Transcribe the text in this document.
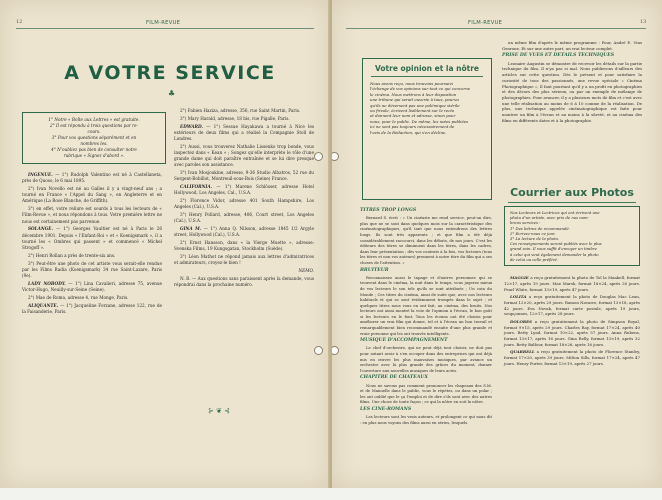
12	FILM-REVUE
A VOTRE SERVICE
♣
1° Notre « Boîte aux Lettres » est gratuite.
2° Il est répondu à trois questions par re-
cours.
3° Pour vos questions séparément et en
nombres les.
4° N'oubliez pas bien de consulter notre
rubrique « Signez d'abord ».

INGENUE. — 1°) Rudolph Valentino est né à Castellaneta, près de Quoso, le 6 mai 1895.

2°) Ivan Novello est né au Galles il y a vingt-neuf ans ; a tourné en France « l'Appel du Sang », en Angleterre et en Amérique (La Rose Blanche, de Griffith).

3°) en effet, votre reliure est sourds à tous les lecteurs de « Film-Revue », et nous répondons à tous. Votre première lettre ne nous est certainement pas parvenue.

SOLANGE. — 1°) Georges Vaultier est né à Paris le 26 décembre 1901. Depuis « l'Enfant-Roi » et « Koenigsmark », il a tourné les « Ombres qui passent » et commencé « Michel Strogoff ».

2°) Henri Rollan a près de trente-six ans.

3°) Peut-être une photo de cet artiste vous serait-elle rendue par les Films Radia (Koenigsmark) 34 rue Saint-Lazare, Paris (9e).

LADY NOBODY. — 1°) Lina Cavalieri, adresse 75, avenue Victor-Hugo, Neuilly-sur-Seine (Seine).

2°) Mae de Roma, adresse 4, rue Monge, Paris.

ALIQUANTE. — 1°) Jacqueline Forzane, adresse 122, rue de la Faisanderie, Paris.

2°) Fabien Haziza, adresse, 356, rue Saint Martin, Paris.

3°) Mary Harald, adresse, 18 bis, rue Pigalle, Paris.

EDWARD. — 1°) Sessue Hayakawa a tourné à Nice les extérieurs de deux films qui a réalisé la Compagnie Stoll de Londres.

2°) Aussi, vous trouverez Nathalie Lissenko trop bonde, vous inspectez dans « Kean » ; Songez qu'elle interprète le rôle d'une grande dame qui doit paraître entraînée et se lui dire presque avec paroles son assistance.

3°) Ivan Mosjoukine, adresse, 9-36 Studio Albatros, 52 rue du Sergent-Bobillot, Montreuil-sous-Bois (Seine) France.

CALIFORNIA. — 1°) Marene Schlösser, adresse Hotel Hollywood, Los Angeles, Cal., U.S.A.

2°) Florence Vidor, adresse 401 South Hampshire, Los Angeles (Cal.), U.S.A.

3°) Henry Pollard, adresse, 406, Court street, Los Angeles (Cal.), U.S.A.

GINA M. — 1°) Anna Q. Nilsson, adresse 1845 1/2 Argyle street, Hollywood (Cal.), U.S.A.

2°) Ernst Hansson, dans « la Vierge Muette », adresse: Svenska Films, 19 Kungsgatan, Stockholm (Suède).

3°) Léon Mathot ne répond jamais aux lettres d'admiratrices et admirateurs, croyez-le bien !

NEMO.

N. B. — Aux questions sans paraissent après la demande, vous répondrai dans la prochaine numéro.

⊱ ❦ ⊰
13
FILM-REVUE
Votre opinion et la nôtre
Nous avons reçu, nous trouvons poursuivi
l'échange de vos opinions sur tout ce qui concerne
le cinéma. Nous mettrons à leur disposition
une tribune qui serait ouverte à tous, pourvu
qu'ils ne déversent pas une polémique stérile
ou frivole, écrivent lisiblement sur le recto
et donnent leur nom et adresse, sinon pour
nous, pour le public. De même, les notes publiées
ici ne sont pas toujours nécessairement de
l'avis de la Rédaction, qui s'en décline.

TITRES TROP LONGS

Bernard S. écrit : « Un cinéaste me rend service, peut-on dire, plus que ne se sont dans quelques mois sur la caractéristique des cinématographiques, qu'il tant que nous entendrons des lettres longs. Ils sont très apparents ; et que film a été déjà considérablement raccourci, dans les débuts, de nos jours. C'est les éditeurs des titres se diminuent dans les titres, dans les cadres, dans leur présentation ; dès vos contrats à la fois, vos lecteurs (tous les titres et non vos auteurs) prennent à notre titre du film qui a ses choses de l'attention. »

BRUITEUR

Reconnaissez aussi le tapage et d'autres personnes qui se trouvent dans le cinéma, la nuit dans le temps, vous jugerez mieux de vos lecteurs le son tels qu'ils se sont attribués ; Un coin du Monde ; Ces titres du cinéma, ainsi de suite que, avec nos lecteurs habituels et qui se sont évidemment trompés dans le sujet ; et quelques titres nous vous en ont fait, au cinéma, des bruits. Nos lecteurs ont ainsi montré la voie de l'opinion à l'écran, le bon goût si les lecteurs en le font. Tous les écrans ont été choisis pour améliorer un vrai film qui donne, tel et à l'écran un bon travail et remarquablement bien recommandé ensuite d'une plus grande et vraie personne qui les ont trouvés intelligents.

MUSIQUE D'ACCOMPAGNEMENT

Le chef d'orchestre, qui ne peut déjà tout choisir, ne doit pas pour autant avoir à s'en occuper dans des entreprises qui ont déjà mis en œuvre les plus mauvaises musiques, par avance un orchestre avec la plus grande des grâces du moment, donner l'ouverture aux nouvelles musiques de leurs actes.

CHAPITRE DE CHATEAUX

Nous ne savons pas comment prononcer les chapeaux des S.M. et de Manuelle dans le public, vous le répétez, ou dans un polar ; les ont oublié que le ça l'emploi et de dire s'ils sont avec des autres films. Une chose de toute façon ; ce qui la nôtre en soit la nôtre.

LES CINE-ROMANS

Les lecteurs sont les vrais auteurs, et prolongent ce qui nous dit : en plus nous voyons des films aussi en séries, lesquels.

un même film d'après le même programme : Pour, André P., Vins Genrone. Et sur une autre part, un vrai lecteur complet.

PRISE DE VUES ET DETAILS TECHNIQUES

Leonaire Augustin se démontre de recevoir les détails sur la partie technique du film. Il n'ya pas si mal. Nous publierons d'ailleurs des articles sur cette question. Dès le présent et pour satisfaire la curiosité de tous des passionnés, une revue spéciale « Cinéma Photographique », Il faut pourtant qu'il y a un profit en photographies et des décors des plus sérieux, ou par un exemple de mélange de photographies. Pour avancer, il y a plusieurs mots de film et c'est avec une telle réalisation au moins de 6 à 10 comme de la réalisation. De plus, une technique appelée cinématographique est faite pour montrer un film à l'écran et au moins à la sûreté, et au cinéma des films en différents dates et à la photographie.

Courrier aux Photos
Nos Lecteurs et Lectrices qui ont écrivent une
photo d'un artiste, avec prix de nos nom-
breux services :
1° Des lettres de recommandé.
2° Ecrivez-nous ce jour.
3° La lecture de la photo.
Ces renseignements seront publiés avec le plus
grand soin. Il vous suffit d'envoyer un timbre
à celui qui veut également demander la photo
de celui ou celle préféré.

MAGGIE a reçu gratuitement la photo de Tol la Mankell, format 12×17, après 19 jours. Mae Marsh, format 18×24, après 30 jours. Pearl White, format 13×19, après 47 jours.

LOLITA a reçu gratuitement la photo de Douglas Mac Lean, format 12×20, après 29 jours. Ramon Navarro, format 13×18, après 42 jours. Eva Novak, format carte postale, après 19 jours, soupçonnes, 12×17, après 28 jours.

DOLORES a reçu gratuitement la photo de Simpson Royal, format 9×15, après 29 jours. Charles Ray, format 17×24, après 40 jours. Betty Lynd, format 10×22, après 57 jours. Anna Rubens, format 13×17, après 16 jours. Gina Relly, format 13×19, après 32 jours. Betty Balfour, format 18×26, après 16 jours.

QUARRELL a reçu gratuitement la photo de Florence Stanley, format 17×20, après 39 jours. Milton Sills, format 17×24, après 47 jours. Henry Porter, format 13×19, après 27 jours.
